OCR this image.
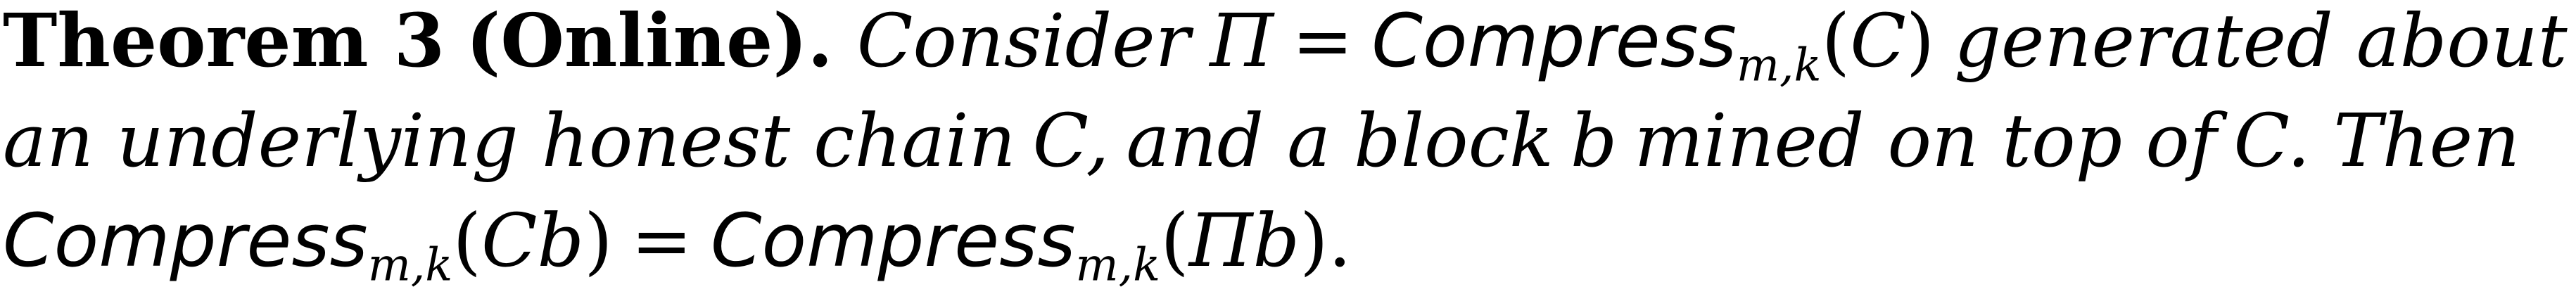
Theorem 3 (Online). Consider Π = Compress$_{m,k}$(C) generated about
an underlying honest chain C, and a block b mined on top of C. Then
Compress$_{m,k}$(Cb) = Compress$_{m,k}$(Πb).
